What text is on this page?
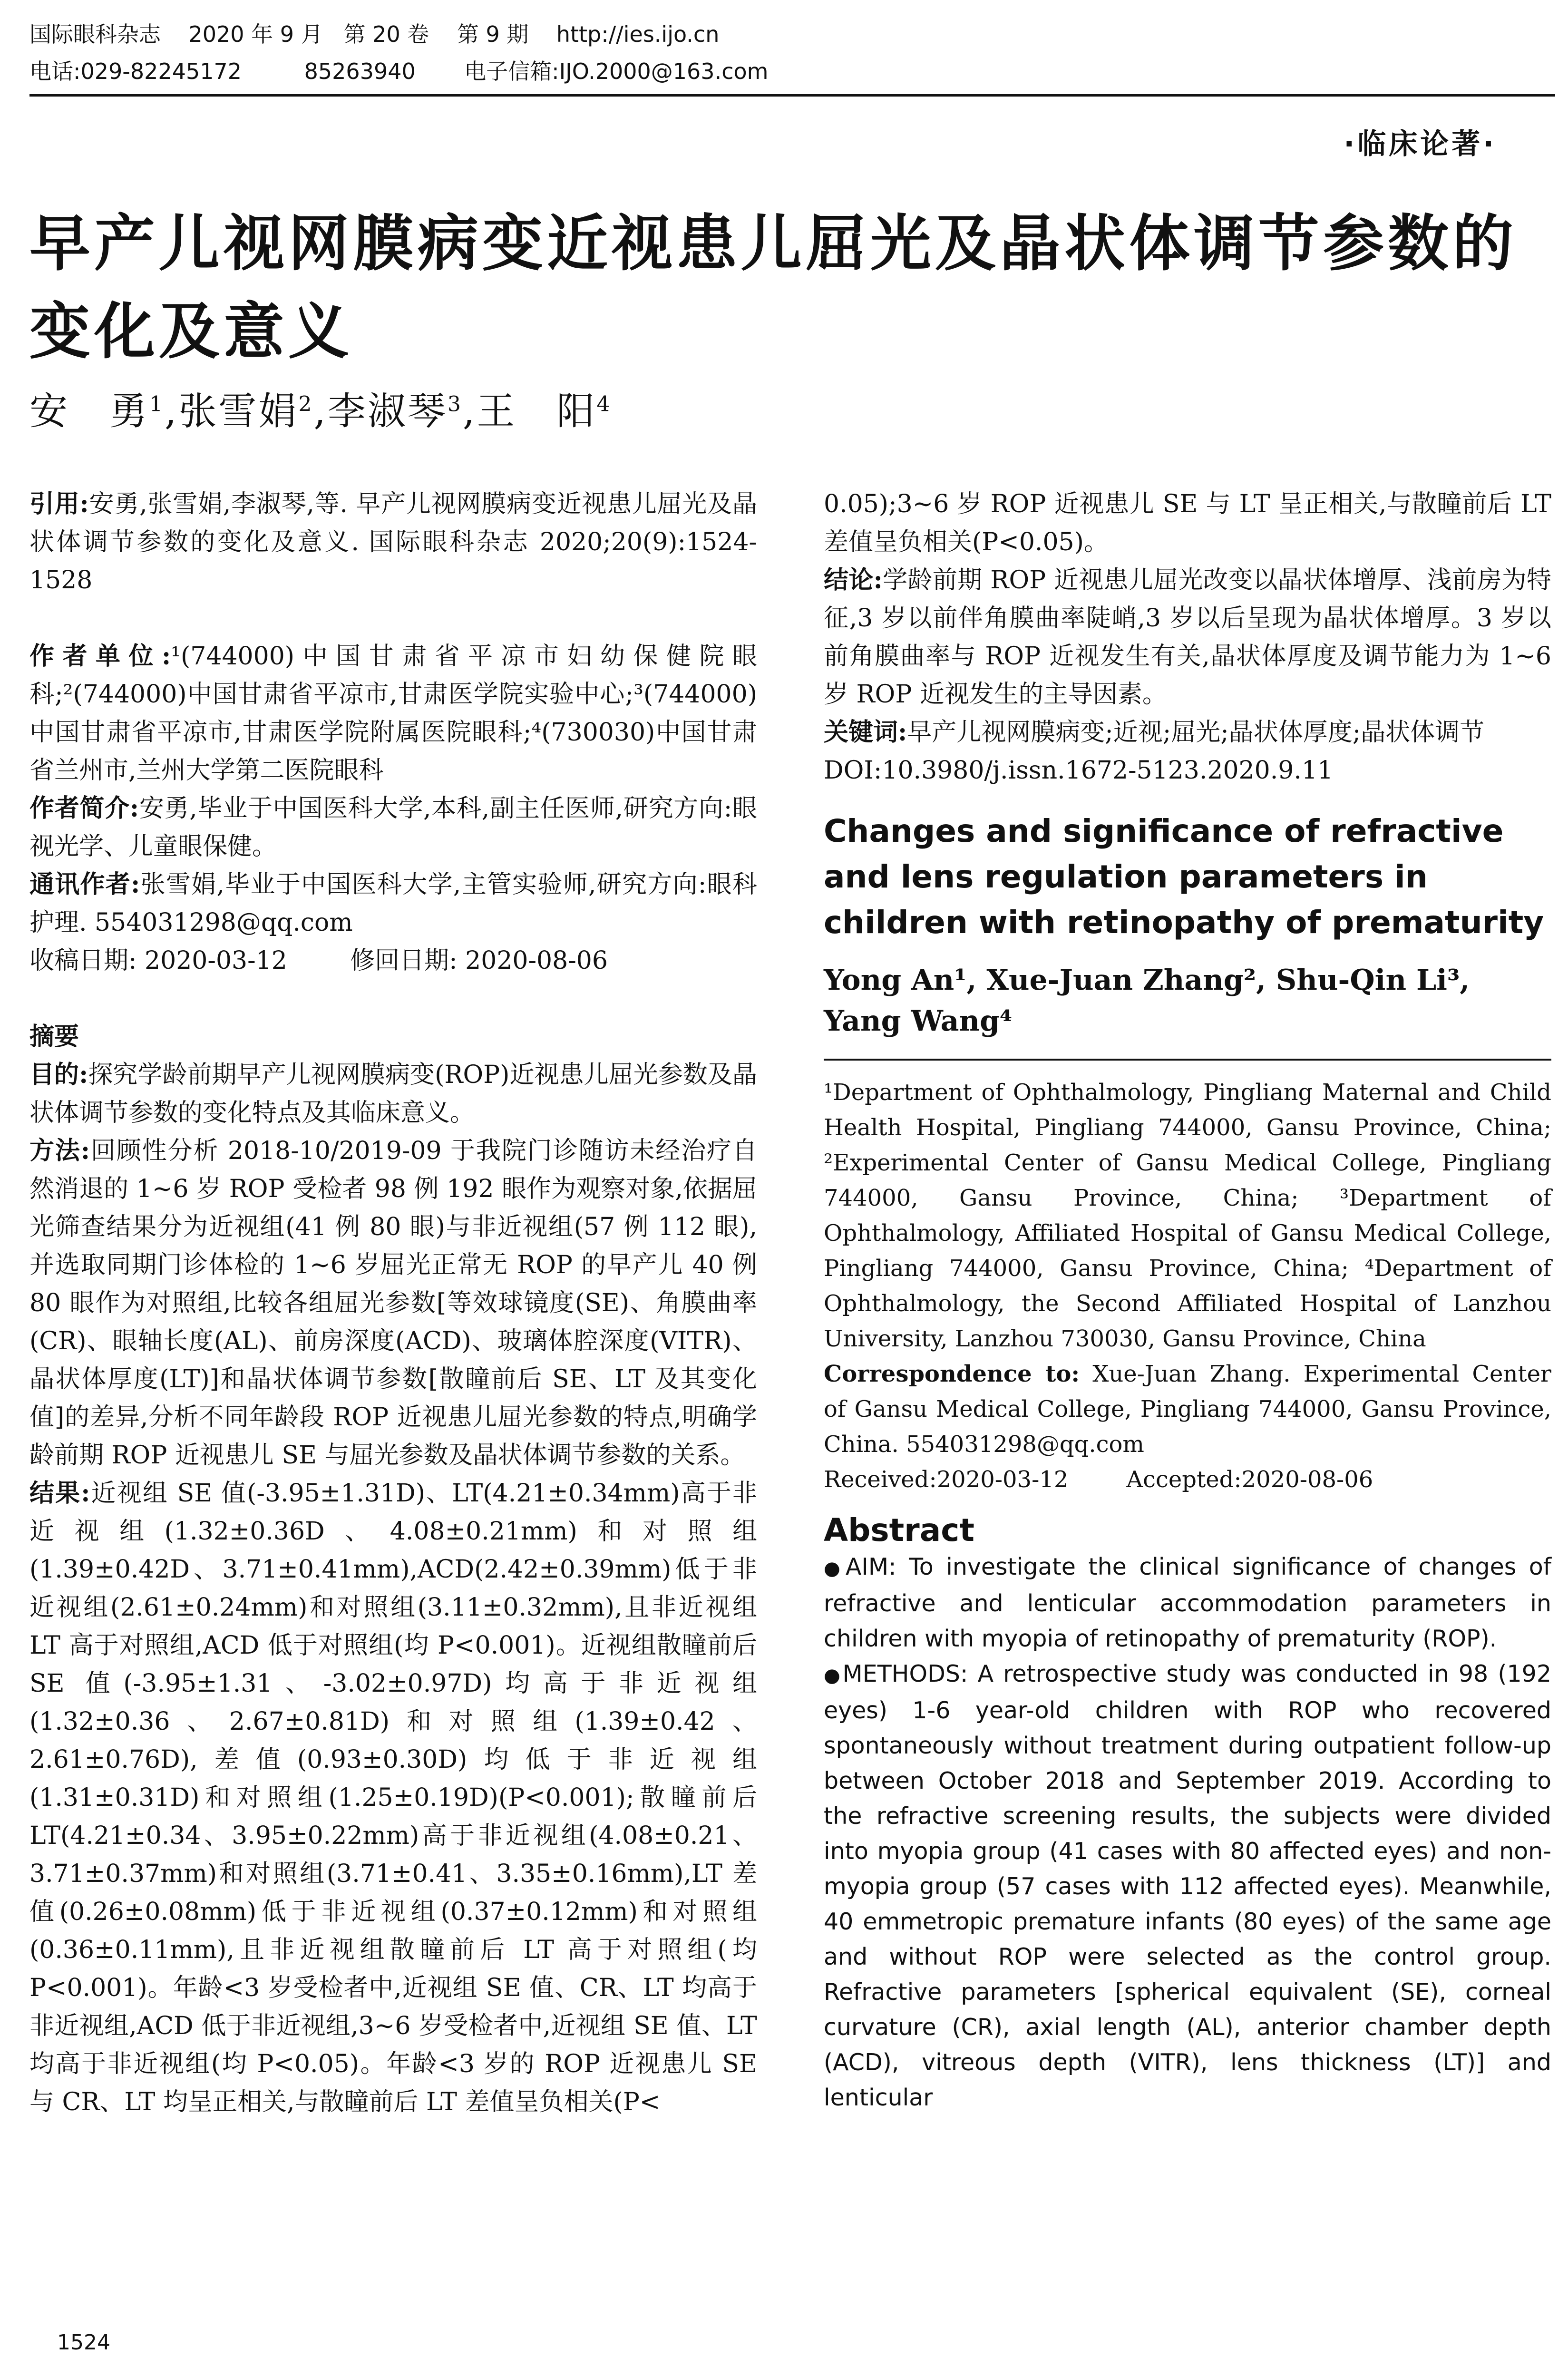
国际眼科杂志    2020 年 9 月   第 20 卷    第 9 期    http://ies.ijo.cn
电话:029-82245172         85263940       电子信箱:IJO.2000@163.com
·临床论著·
早产儿视网膜病变近视患儿屈光及晶状体调节参数的变化及意义
安　勇$^1$,张雪娟$^2$,李淑琴$^3$,王　阳$^4$

引用:安勇,张雪娟,李淑琴,等. 早产儿视网膜病变近视患儿屈光及晶状体调节参数的变化及意义. 国际眼科杂志 2020;20(9):1524-1528

作者单位:¹(744000)中国甘肃省平凉市妇幼保健院眼科;²(744000)中国甘肃省平凉市,甘肃医学院实验中心;³(744000)中国甘肃省平凉市,甘肃医学院附属医院眼科;⁴(730030)中国甘肃省兰州市,兰州大学第二医院眼科

作者简介:安勇,毕业于中国医科大学,本科,副主任医师,研究方向:眼视光学、儿童眼保健。

通讯作者:张雪娟,毕业于中国医科大学,主管实验师,研究方向:眼科护理. 554031298@qq.com

收稿日期: 2020-03-12        修回日期: 2020-08-06

摘要

目的:探究学龄前期早产儿视网膜病变(ROP)近视患儿屈光参数及晶状体调节参数的变化特点及其临床意义。

方法:回顾性分析 2018-10/2019-09 于我院门诊随访未经治疗自然消退的 1~6 岁 ROP 受检者 98 例 192 眼作为观察对象,依据屈光筛查结果分为近视组(41 例 80 眼)与非近视组(57 例 112 眼),并选取同期门诊体检的 1~6 岁屈光正常无 ROP 的早产儿 40 例 80 眼作为对照组,比较各组屈光参数[等效球镜度(SE)、角膜曲率(CR)、眼轴长度(AL)、前房深度(ACD)、玻璃体腔深度(VITR)、晶状体厚度(LT)]和晶状体调节参数[散瞳前后 SE、LT 及其变化值]的差异,分析不同年龄段 ROP 近视患儿屈光参数的特点,明确学龄前期 ROP 近视患儿 SE 与屈光参数及晶状体调节参数的关系。

结果:近视组 SE 值(-3.95±1.31D)、LT(4.21±0.34mm)高于非近视组(1.32±0.36D、4.08±0.21mm)和对照组(1.39±0.42D、3.71±0.41mm),ACD(2.42±0.39mm)低于非近视组(2.61±0.24mm)和对照组(3.11±0.32mm),且非近视组 LT 高于对照组,ACD 低于对照组(均 P<0.001)。近视组散瞳前后 SE 值(-3.95±1.31、-3.02±0.97D)均高于非近视组(1.32±0.36、2.67±0.81D)和对照组(1.39±0.42、2.61±0.76D),差值(0.93±0.30D)均低于非近视组(1.31±0.31D)和对照组(1.25±0.19D)(P<0.001);散瞳前后 LT(4.21±0.34、3.95±0.22mm)高于非近视组(4.08±0.21、3.71±0.37mm)和对照组(3.71±0.41、3.35±0.16mm),LT 差值(0.26±0.08mm)低于非近视组(0.37±0.12mm)和对照组(0.36±0.11mm),且非近视组散瞳前后 LT 高于对照组(均 P<0.001)。年龄<3 岁受检者中,近视组 SE 值、CR、LT 均高于非近视组,ACD 低于非近视组,3~6 岁受检者中,近视组 SE 值、LT 均高于非近视组(均 P<0.05)。年龄<3 岁的 ROP 近视患儿 SE 与 CR、LT 均呈正相关,与散瞳前后 LT 差值呈负相关(P<

0.05);3~6 岁 ROP 近视患儿 SE 与 LT 呈正相关,与散瞳前后 LT 差值呈负相关(P<0.05)。

结论:学龄前期 ROP 近视患儿屈光改变以晶状体增厚、浅前房为特征,3 岁以前伴角膜曲率陡峭,3 岁以后呈现为晶状体增厚。3 岁以前角膜曲率与 ROP 近视发生有关,晶状体厚度及调节能力为 1~6 岁 ROP 近视发生的主导因素。

关键词:早产儿视网膜病变;近视;屈光;晶状体厚度;晶状体调节

DOI:10.3980/j.issn.1672-5123.2020.9.11

Changes and significance of refractive and lens regulation parameters in children with retinopathy of prematurity

Yong An¹, Xue-Juan Zhang², Shu-Qin Li³, Yang Wang⁴

¹Department of Ophthalmology, Pingliang Maternal and Child Health Hospital, Pingliang 744000, Gansu Province, China; ²Experimental Center of Gansu Medical College, Pingliang 744000, Gansu Province, China; ³Department of Ophthalmology, Affiliated Hospital of Gansu Medical College, Pingliang 744000, Gansu Province, China; ⁴Department of Ophthalmology, the Second Affiliated Hospital of Lanzhou University, Lanzhou 730030, Gansu Province, China

Correspondence to: Xue-Juan Zhang. Experimental Center of Gansu Medical College, Pingliang 744000, Gansu Province, China. 554031298@qq.com

Received:2020-03-12        Accepted:2020-08-06

Abstract

●AIM: To investigate the clinical significance of changes of refractive and lenticular accommodation parameters in children with myopia of retinopathy of prematurity (ROP).

●METHODS: A retrospective study was conducted in 98 (192 eyes) 1-6 year-old children with ROP who recovered spontaneously without treatment during outpatient follow-up between October 2018 and September 2019. According to the refractive screening results, the subjects were divided into myopia group (41 cases with 80 affected eyes) and non-myopia group (57 cases with 112 affected eyes). Meanwhile, 40 emmetropic premature infants (80 eyes) of the same age and without ROP were selected as the control group. Refractive parameters [spherical equivalent (SE), corneal curvature (CR), axial length (AL), anterior chamber depth (ACD), vitreous depth (VITR), lens thickness (LT)] and lenticular

1524
